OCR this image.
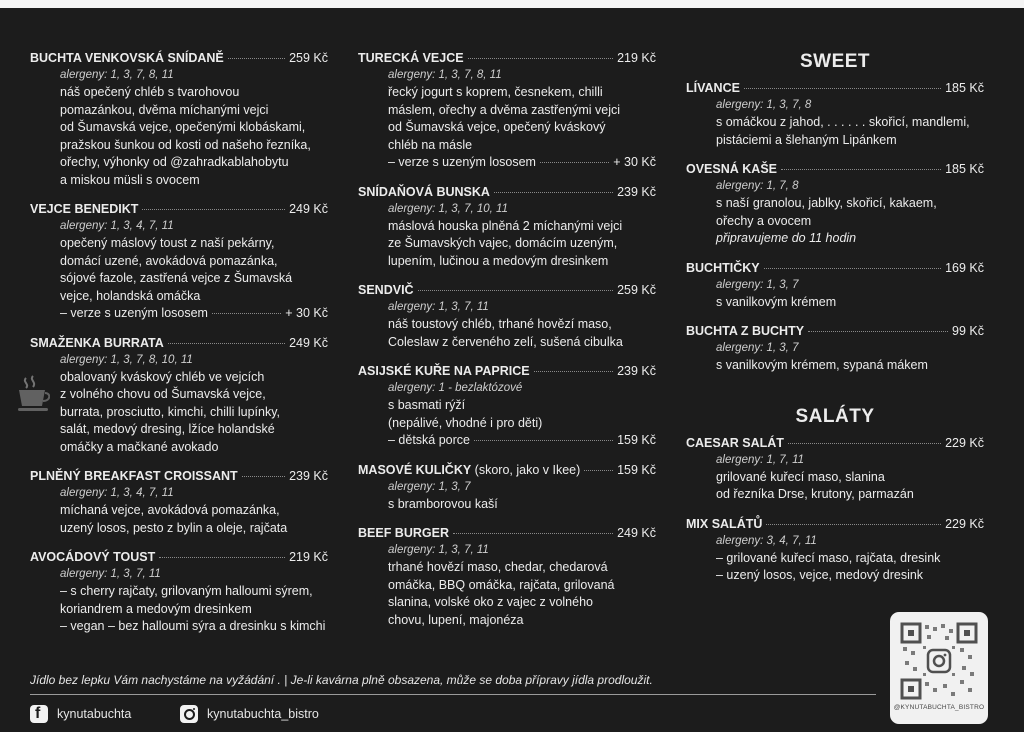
BUCHTA VENKOVSKÁ SNÍDANĚ	259 Kč
alergeny: 1, 3, 7, 8, 11
náš opečený chléb s tvarohovou
pomazánkou, dvěma míchanými vejci
od Šumavská vejce, opečenými klobáskami,
pražskou šunkou od kosti od našeho řezníka,
ořechy, výhonky od @zahradkablahobytu
a miskou müsli s ovocem
VEJCE BENEDIKT	249 Kč
alergeny: 1, 3, 4, 7, 11
opečený máslový toust z naší pekárny,
domácí uzené, avokádová pomazánka,
sójové fazole, zastřená vejce z Šumavská
vejce, holandská omáčka
– verze s uzeným lososem	+ 30 Kč
SMAŽENKA BURRATA	249 Kč
alergeny: 1, 3, 7, 8, 10, 11
obalovaný kváskový chléb ve vejcích
z volného chovu od Šumavská vejce,
burrata, prosciutto, kimchi, chilli lupínky,
salát, medový dresing, lžíce holandské
omáčky a mačkané avokado
PLNĚNÝ BREAKFAST CROISSANT	239 Kč
alergeny: 1, 3, 4, 7, 11
míchaná vejce, avokádová pomazánka,
uzený losos, pesto z bylin a oleje, rajčata
AVOCÁDOVÝ TOUST	219 Kč
alergeny: 1, 3, 7, 11
– s cherry rajčaty, grilovaným halloumi sýrem,
koriandrem a medovým dresinkem
– vegan – bez halloumi sýra a dresinku s kimchi
TURECKÁ VEJCE	219 Kč
alergeny: 1, 3, 7, 8, 11
řecký jogurt s koprem, česnekem, chilli
máslem, ořechy a dvěma zastřenými vejci
od Šumavská vejce, opečený kváskový
chléb na másle
– verze s uzeným lososem	+ 30 Kč
SNÍDAŇOVÁ BUNSKA	239 Kč
alergeny: 1, 3, 7, 10, 11
máslová houska plněná 2 míchanými vejci
ze Šumavských vajec, domácím uzeným,
lupením, lučinou a medovým dresinkem
SENDVIČ	259 Kč
alergeny: 1, 3, 7, 11
náš toustový chléb, trhané hovězí maso,
Coleslaw z červeného zelí, sušená cibulka
ASIJSKÉ KUŘE NA PAPRICE	239 Kč
alergeny: 1 - bezlaktózové
s basmati rýží
(nepálivé, vhodné i pro děti)
– dětská porce	159 Kč
MASOVÉ KULIČKY (skoro, jako v Ikee)	159 Kč
alergeny: 1, 3, 7
s bramborovou kaší
BEEF BURGER	249 Kč
alergeny: 1, 3, 7, 11
trhané hovězí maso, chedar, chedarová
omáčka, BBQ omáčka, rajčata, grilovaná
slanina, volské oko z vajec z volného
chovu, lupení, majonéza
SWEET
LÍVANCE	185 Kč
alergeny: 1, 3, 7, 8
s omáčkou z jahod, . . . . . . skořicí, mandlemi,
pistáciemi a šlehaným Lipánkem
OVESNÁ KAŠE	185 Kč
alergeny: 1, 7, 8
s naší granolou, jablky, skořicí, kakaem,
ořechy a ovocem
připravujeme do 11 hodin
BUCHTIČKY	169 Kč
alergeny: 1, 3, 7
s vanilkovým krémem
BUCHTA Z BUCHTY	99 Kč
alergeny: 1, 3, 7
s vanilkovým krémem, sypaná mákem
SALÁTY
CAESAR SALÁT	229 Kč
alergeny: 1, 7, 11
grilované kuřecí maso, slanina
od řezníka Drse, krutony, parmazán
MIX SALÁTŮ	229 Kč
alergeny: 3, 4, 7, 11
– grilované kuřecí maso, rajčata, dresink
– uzený losos, vejce, medový dresink
Jídlo bez lepku Vám nachystáme na vyžádání . | Je-li kavárna plně obsazena, může se doba přípravy jídla prodloužit.
f
kynutabuchta	kynutabuchta_bistro	@KYNUTABUCHTA_BISTRO
